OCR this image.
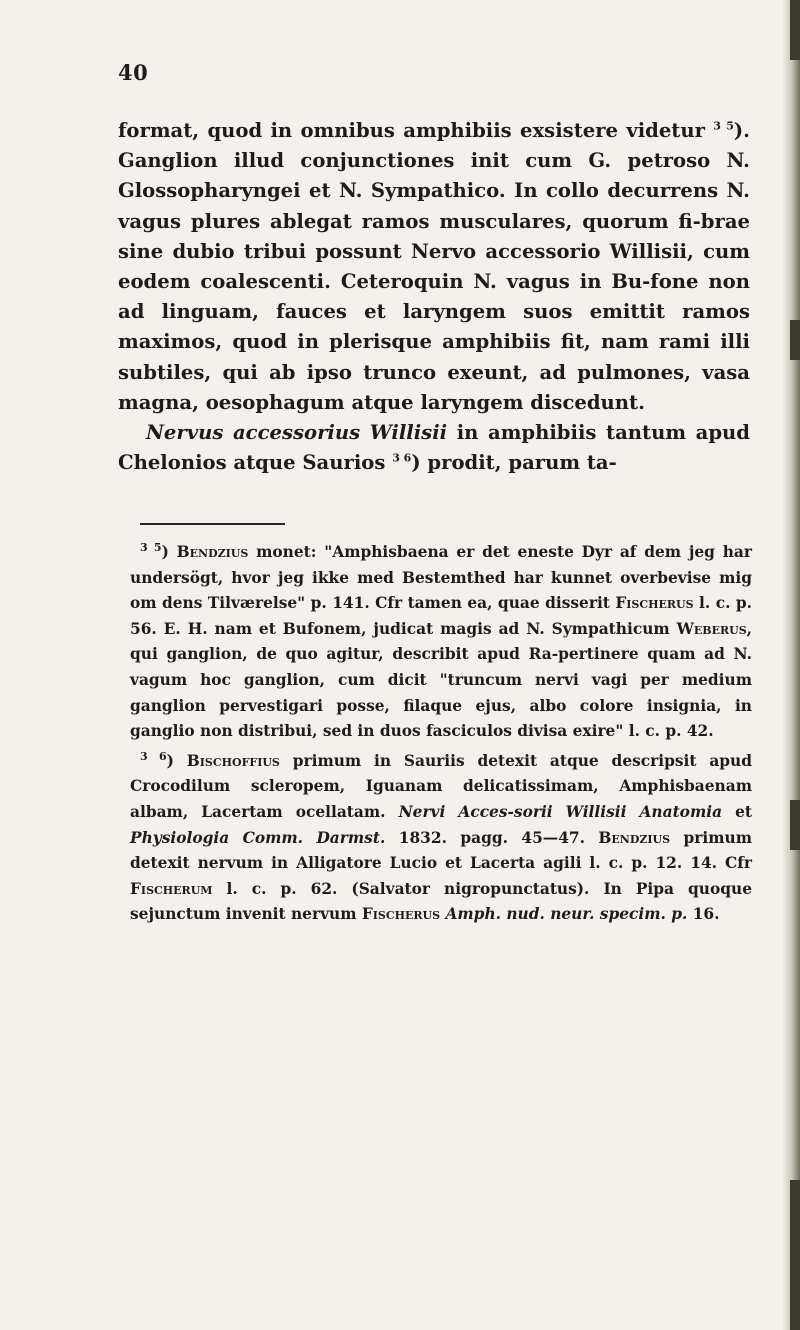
40

format, quod in omnibus amphibiis exsistere videtur $^{3 5}$). Ganglion illud conjunctiones init cum G. petroso N. Glossopharyngei et N. Sympathico. In collo decurrens N. vagus plures ablegat ramos musculares, quorum fi-brae sine dubio tribui possunt Nervo accessorio Willisii, cum eodem coalescenti. Ceteroquin N. vagus in Bu-fone non ad linguam, fauces et laryngem suos emittit ramos maximos, quod in plerisque amphibiis fit, nam rami illi subtiles, qui ab ipso trunco exeunt, ad pulmones, vasa magna, oesophagum atque laryngem discedunt.

Nervus accessorius Willisii in amphibiis tantum apud Chelonios atque Saurios $^{3 6}$) prodit, parum ta-

$^{3 5}$) Bendzius monet: "Amphisbaena er det eneste Dyr af dem jeg har undersögt, hvor jeg ikke med Bestemthed har kunnet overbevise mig om dens Tilværelse" p. 141. Cfr tamen ea, quae disserit Fischerus l. c. p. 56. E. H. nam et Bufonem, judicat magis ad N. Sympathicum Weberus, qui ganglion, de quo agitur, describit apud Ra-pertinere quam ad N. vagum hoc ganglion, cum dicit "truncum nervi vagi per medium ganglion pervestigari posse, filaque ejus, albo colore insignia, in ganglio non distribui, sed in duos fasciculos divisa exire" l. c. p. 42.

$^{3 6}$) Bischoffius primum in Sauriis detexit atque descripsit apud Crocodilum scleropem, Iguanam delicatissimam, Amphisbaenam albam, Lacertam ocellatam. Nervi Acces-sorii Willisii Anatomia et Physiologia Comm. Darmst. 1832. pagg. 45—47. Bendzius primum detexit nervum in Alligatore Lucio et Lacerta agili l. c. p. 12. 14. Cfr Fischerum l. c. p. 62. (Salvator nigropunctatus). In Pipa quoque sejunctum invenit nervum Fischerus Amph. nud. neur. specim. p. 16.
